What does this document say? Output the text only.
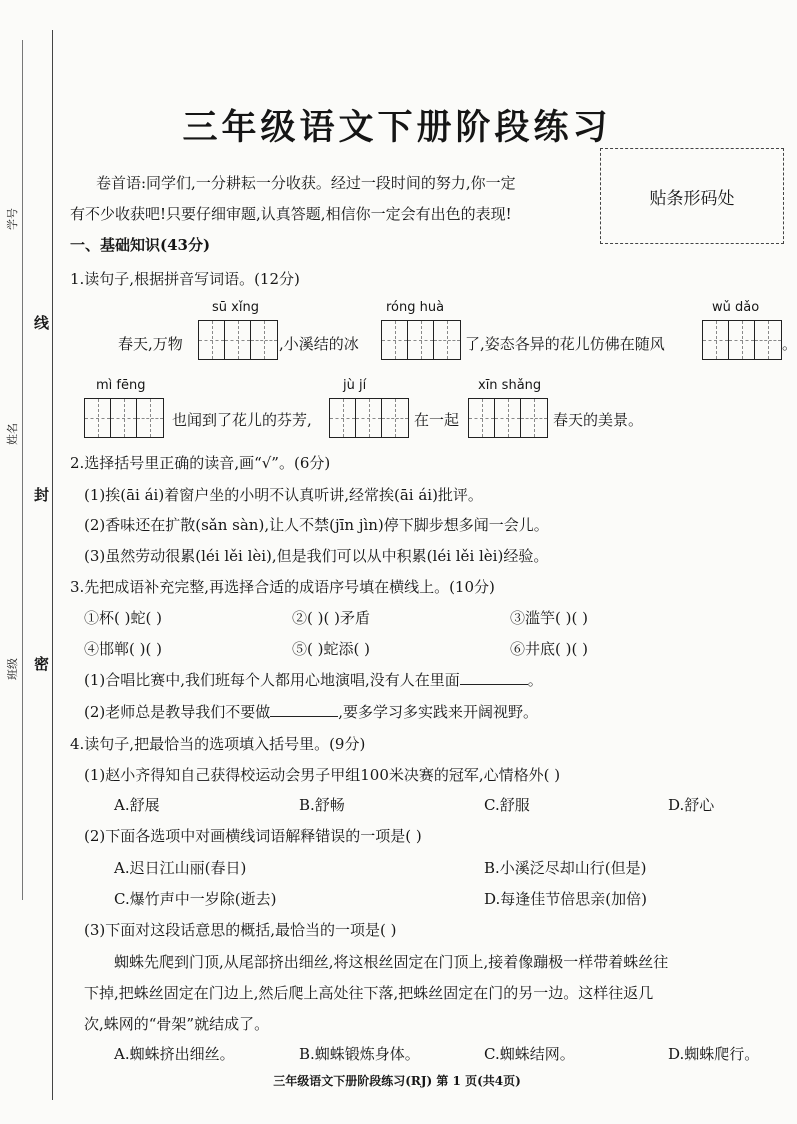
学号
姓名
班级
线
封
密
三年级语文下册阶段练习
贴条形码处
卷首语:同学们,一分耕耘一分收获。经过一段时间的努力,你一定
有不少收获吧!只要仔细审题,认真答题,相信你一定会有出色的表现!
一、基础知识(43分)
1.读句子,根据拼音写词语。(12分)
sū xǐng	róng huà	wǔ dǎo
春天,万物	,小溪结的冰	了,姿态各异的花儿仿佛在随风	。
mì fēng	jù jí	xīn shǎng
也闻到了花儿的芬芳,	在一起	春天的美景。
2.选择括号里正确的读音,画“√”。(6分)
(1)挨(āi ái)着窗户坐的小明不认真听讲,经常挨(āi ái)批评。
(2)香味还在扩散(sǎn sàn),让人不禁(jīn jìn)停下脚步想多闻一会儿。
(3)虽然劳动很累(léi lěi lèi),但是我们可以从中积累(léi lěi lèi)经验。
3.先把成语补充完整,再选择合适的成语序号填在横线上。(10分)
①杯( )蛇( )	②( )( )矛盾	③滥竽( )( )
④邯郸( )( )	⑤( )蛇添( )	⑥井底( )( )
(1)合唱比赛中,我们班每个人都用心地演唱,没有人在里面	。
(2)老师总是教导我们不要做	,要多学习多实践来开阔视野。
4.读句子,把最恰当的选项填入括号里。(9分)
(1)赵小齐得知自己获得校运动会男子甲组100米决赛的冠军,心情格外( )
A.舒展	B.舒畅	C.舒服	D.舒心
(2)下面各选项中对画横线词语解释错误的一项是( )
A.迟日江山丽(春日)	B.小溪泛尽却山行(但是)
C.爆竹声中一岁除(逝去)	D.每逢佳节倍思亲(加倍)
(3)下面对这段话意思的概括,最恰当的一项是( )
蜘蛛先爬到门顶,从尾部挤出细丝,将这根丝固定在门顶上,接着像蹦极一样带着蛛丝往
下掉,把蛛丝固定在门边上,然后爬上高处往下落,把蛛丝固定在门的另一边。这样往返几
次,蛛网的“骨架”就结成了。
A.蜘蛛挤出细丝。	B.蜘蛛锻炼身体。	C.蜘蛛结网。	D.蜘蛛爬行。
三年级语文下册阶段练习(RJ) 第 1 页(共4页)
